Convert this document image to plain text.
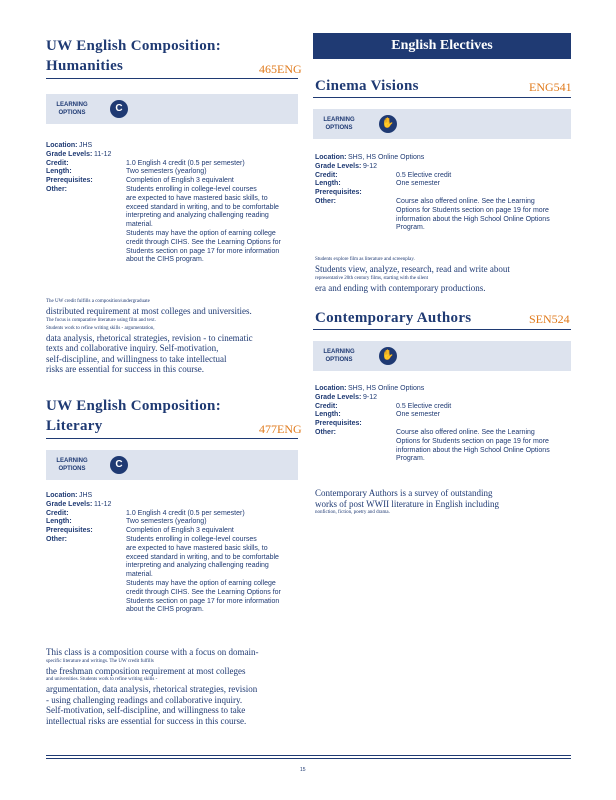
English Electives
UW English Composition:
Humanities	465ENG
LEARNING OPTIONS	C
Location: JHS
Grade Levels: 11-12
Credit:	1.0 English 4 credit (0.5 per semester)
Length:	Two semesters (yearlong)
Prerequisites:	Completion of English 3 equivalent
Other:	Students enrolling in college-level courses
are expected to have mastered basic skills, to
exceed standard in writing, and to be comfortable
interpreting and analyzing challenging reading
material.
Students may have the option of earning college
credit through CIHS. See the Learning Options for
Students section on page 17 for more information
about the CIHS program.
The UW credit fulfills a composition/undergraduate
distributed requirement at most colleges and universities.
The focus is comparative literature using film and text.
Students work to refine writing skills - argumentation,
data analysis, rhetorical strategies, revision - to cinematic
texts and collaborative inquiry. Self-motivation,
self-discipline, and willingness to take intellectual
risks are essential for success in this course.
UW English Composition:
Literary	477ENG
LEARNING OPTIONS	C
Location: JHS
Grade Levels: 11-12
Credit:	1.0 English 4 credit (0.5 per semester)
Length:	Two semesters (yearlong)
Prerequisites:	Completion of English 3 equivalent
Other:	Students enrolling in college-level courses
are expected to have mastered basic skills, to
exceed standard in writing, and to be comfortable
interpreting and analyzing challenging reading
material.
Students may have the option of earning college
credit through CIHS. See the Learning Options for
Students section on page 17 for more information
about the CIHS program.
This class is a composition course with a focus on domain-
specific literature and writings. The UW credit fulfills
the freshman composition requirement at most colleges
and universities. Students work to refine writing skills -
argumentation, data analysis, rhetorical strategies, revision
- using challenging readings and collaborative inquiry.
Self-motivation, self-discipline, and willingness to take
intellectual risks are essential for success in this course.
Cinema Visions	ENG541
LEARNING OPTIONS	✋
Location: SHS, HS Online Options
Grade Levels: 9-12
Credit:	0.5 Elective credit
Length:	One semester
Prerequisites:
Other:	Course also offered online. See the Learning
Options for Students section on page 19 for more
information about the High School Online Options
Program.
Students explore film as literature and screenplay.
Students view, analyze, research, read and write about
representative 20th century films, starting with the silent
era and ending with contemporary productions.
Contemporary Authors	SEN524
LEARNING OPTIONS	✋
Location: SHS, HS Online Options
Grade Levels: 9-12
Credit:	0.5 Elective credit
Length:	One semester
Prerequisites:
Other:	Course also offered online. See the Learning
Options for Students section on page 19 for more
information about the High School Online Options
Program.
Contemporary Authors is a survey of outstanding
works of post WWII literature in English including
nonfiction, fiction, poetry and drama.
15
